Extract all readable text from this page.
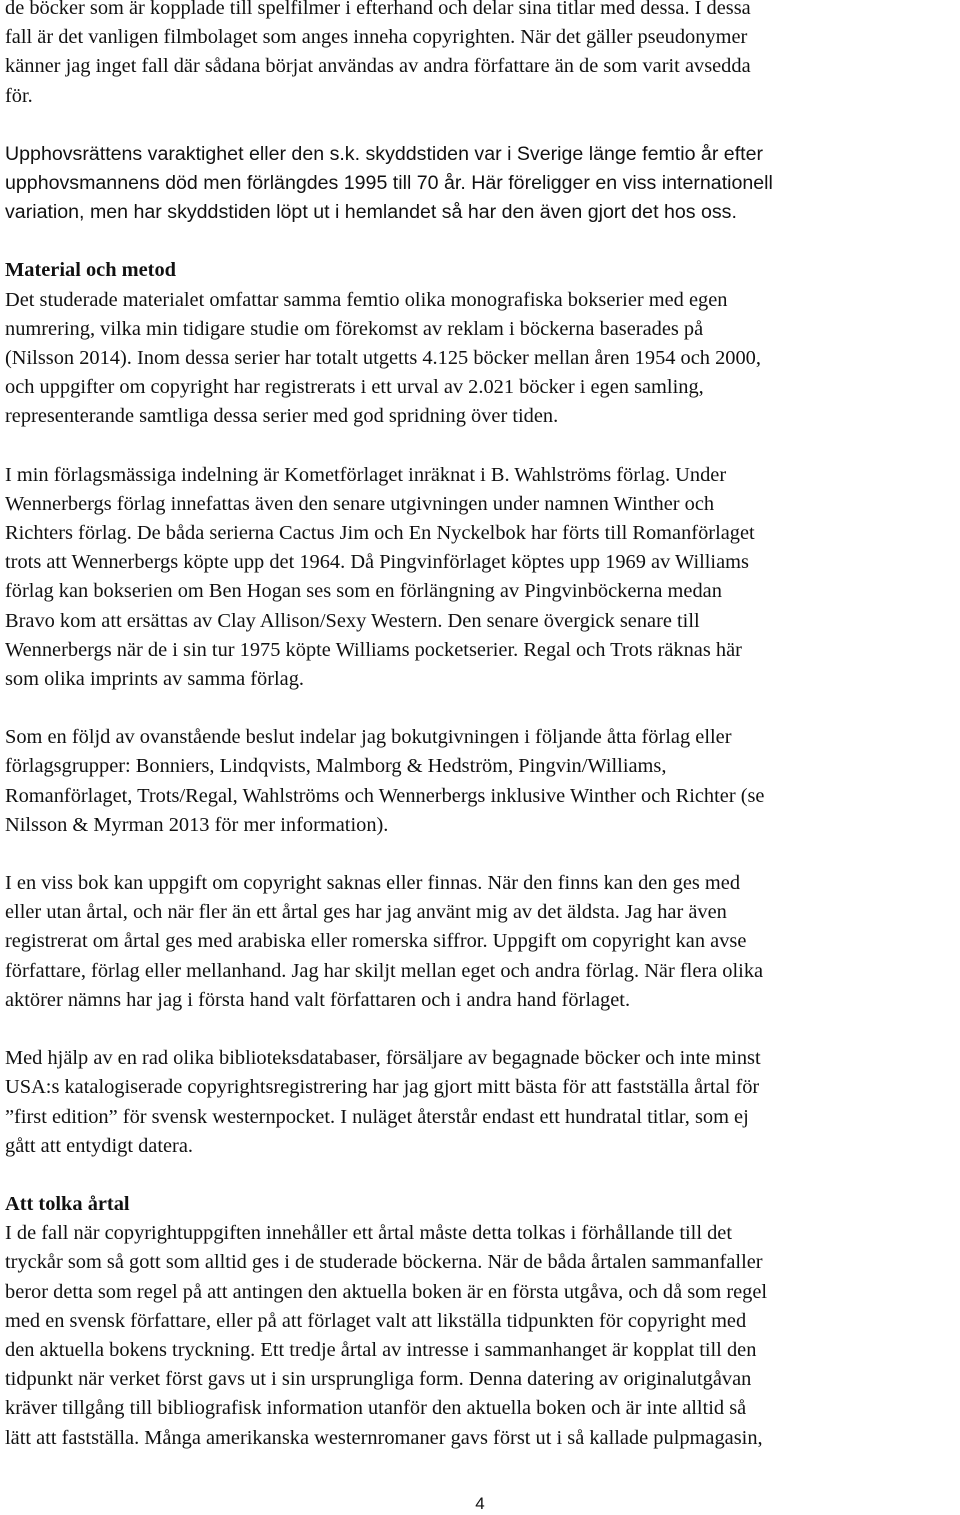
de böcker som är kopplade till spelfilmer i efterhand och delar sina titlar med dessa. I dessa
fall är det vanligen filmbolaget som anges inneha copyrighten. När det gäller pseudonymer
känner jag inget fall där sådana börjat användas av andra författare än de som varit avsedda
för.

Upphovsrättens varaktighet eller den s.k. skyddstiden var i Sverige länge femtio år efter
upphovsmannens död men förlängdes 1995 till 70 år. Här föreligger en viss internationell
variation, men har skyddstiden löpt ut i hemlandet så har den även gjort det hos oss.

Material och metod
Det studerade materialet omfattar samma femtio olika monografiska bokserier med egen
numrering, vilka min tidigare studie om förekomst av reklam i böckerna baserades på
(Nilsson 2014). Inom dessa serier har totalt utgetts 4.125 böcker mellan åren 1954 och 2000,
och uppgifter om copyright har registrerats i ett urval av 2.021 böcker i egen samling,
representerande samtliga dessa serier med god spridning över tiden.

I min förlagsmässiga indelning är Kometförlaget inräknat i B. Wahlströms förlag. Under
Wennerbergs förlag innefattas även den senare utgivningen under namnen Winther och
Richters förlag. De båda serierna Cactus Jim och En Nyckelbok har förts till Romanförlaget
trots att Wennerbergs köpte upp det 1964. Då Pingvinförlaget köptes upp 1969 av Williams
förlag kan bokserien om Ben Hogan ses som en förlängning av Pingvinböckerna medan
Bravo kom att ersättas av Clay Allison/Sexy Western. Den senare övergick senare till
Wennerbergs när de i sin tur 1975 köpte Williams pocketserier. Regal och Trots räknas här
som olika imprints av samma förlag.

Som en följd av ovanstående beslut indelar jag bokutgivningen i följande åtta förlag eller
förlagsgrupper: Bonniers, Lindqvists, Malmborg & Hedström, Pingvin/Williams,
Romanförlaget, Trots/Regal, Wahlströms och Wennerbergs inklusive Winther och Richter (se
Nilsson & Myrman 2013 för mer information).

I en viss bok kan uppgift om copyright saknas eller finnas. När den finns kan den ges med
eller utan årtal, och när fler än ett årtal ges har jag använt mig av det äldsta. Jag har även
registrerat om årtal ges med arabiska eller romerska siffror. Uppgift om copyright kan avse
författare, förlag eller mellanhand. Jag har skiljt mellan eget och andra förlag. När flera olika
aktörer nämns har jag i första hand valt författaren och i andra hand förlaget.

Med hjälp av en rad olika biblioteksdatabaser, försäljare av begagnade böcker och inte minst
USA:s katalogiserade copyrightsregistrering har jag gjort mitt bästa för att fastställa årtal för
”first edition” för svensk westernpocket. I nuläget återstår endast ett hundratal titlar, som ej
gått att entydigt datera.

Att tolka årtal
I de fall när copyrightuppgiften innehåller ett årtal måste detta tolkas i förhållande till det
tryckår som så gott som alltid ges i de studerade böckerna. När de båda årtalen sammanfaller
beror detta som regel på att antingen den aktuella boken är en första utgåva, och då som regel
med en svensk författare, eller på att förlaget valt att likställa tidpunkten för copyright med
den aktuella bokens tryckning. Ett tredje årtal av intresse i sammanhanget är kopplat till den
tidpunkt när verket först gavs ut i sin ursprungliga form. Denna datering av originalutgåvan
kräver tillgång till bibliografisk information utanför den aktuella boken och är inte alltid så
lätt att fastställa. Många amerikanska westernromaner gavs först ut i så kallade pulpmagasin,

4
